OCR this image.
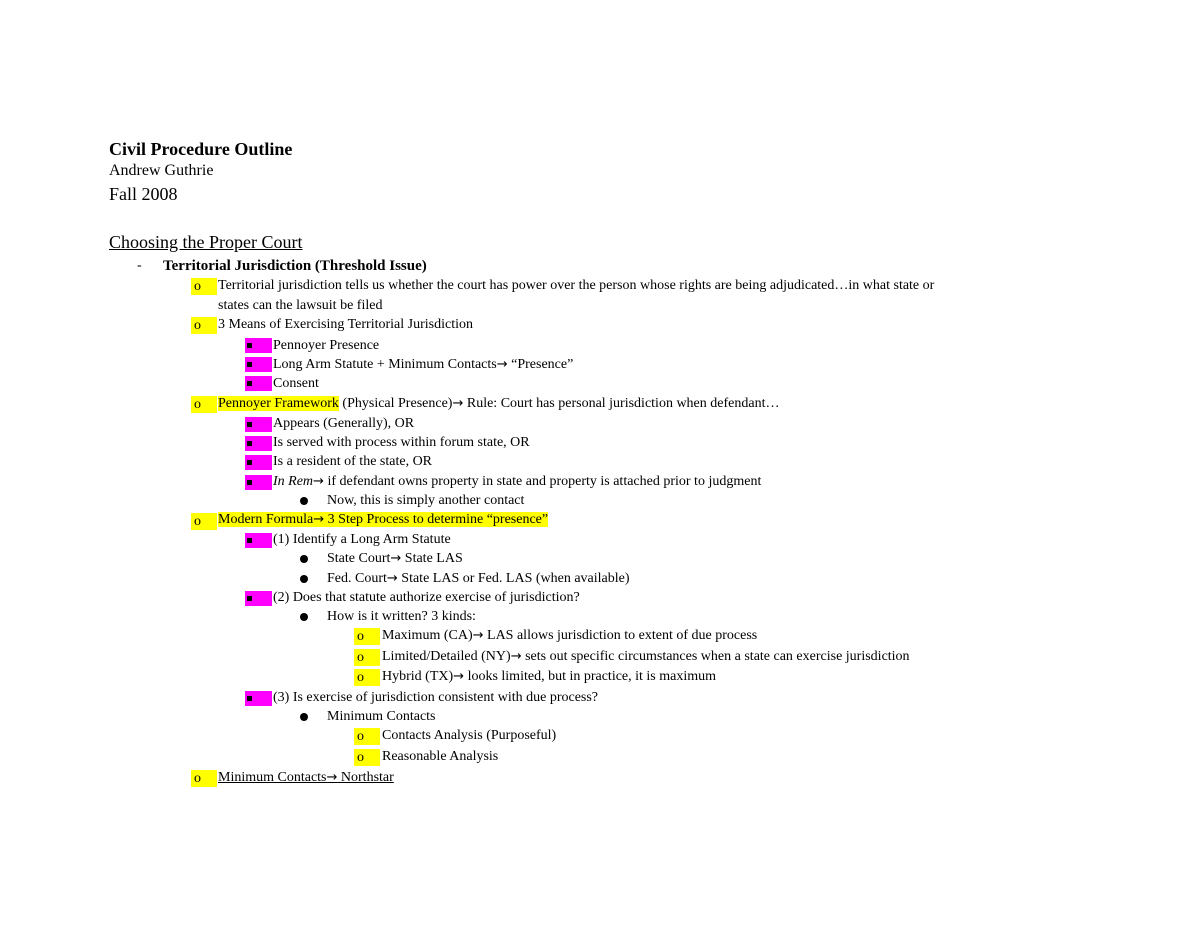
Civil Procedure Outline
Andrew Guthrie
Fall 2008
Choosing the Proper Court
- Territorial Jurisdiction (Threshold Issue)
o	Territorial jurisdiction tells us whether the court has power over the person whose rights are being adjudicated…in what state or
states can the lawsuit be filed
o	3 Means of Exercising Territorial Jurisdiction
Pennoyer Presence
Long Arm Statute + Minimum Contacts→ “Presence”
Consent
o	Pennoyer Framework (Physical Presence)→ Rule: Court has personal jurisdiction when defendant…
Appears (Generally), OR
Is served with process within forum state, OR
Is a resident of the state, OR
In Rem→ if defendant owns property in state and property is attached prior to judgment
Now, this is simply another contact
o	Modern Formula→ 3 Step Process to determine “presence”
(1) Identify a Long Arm Statute
State Court→ State LAS
Fed. Court→ State LAS or Fed. LAS (when available)
(2) Does that statute authorize exercise of jurisdiction?
How is it written? 3 kinds:
o	Maximum (CA)→ LAS allows jurisdiction to extent of due process
o	Limited/Detailed (NY)→ sets out specific circumstances when a state can exercise jurisdiction
o	Hybrid (TX)→ looks limited, but in practice, it is maximum
(3) Is exercise of jurisdiction consistent with due process?
Minimum Contacts
o	Contacts Analysis (Purposeful)
o	Reasonable Analysis
o	Minimum Contacts→ Northstar
